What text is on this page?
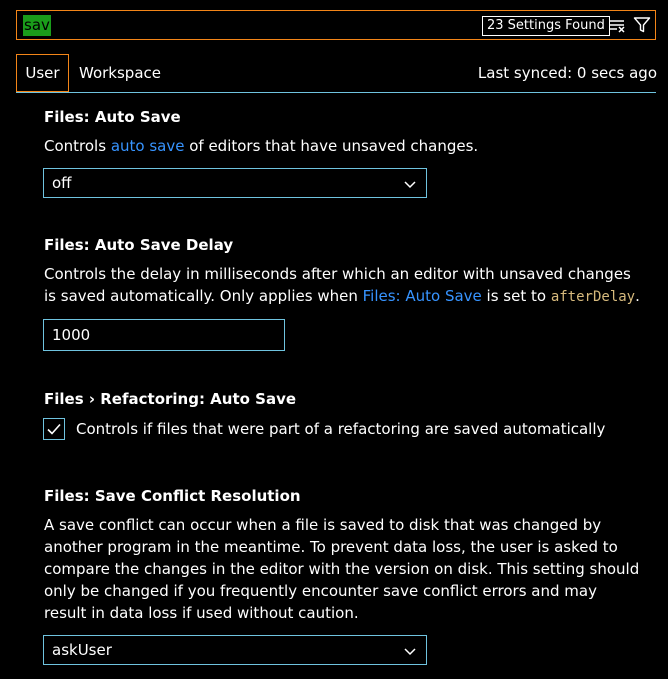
sav	23 Settings Found
User	Workspace	Last synced: 0 secs ago
Files: Auto Save
Controls auto save of editors that have unsaved changes.
off
Files: Auto Save Delay
Controls the delay in milliseconds after which an editor with unsaved changes is saved automatically. Only applies when Files: Auto Save is set to afterDelay.
1000
Files › Refactoring: Auto Save
Controls if files that were part of a refactoring are saved automatically
Files: Save Conflict Resolution
A save conflict can occur when a file is saved to disk that was changed by another program in the meantime. To prevent data loss, the user is asked to compare the changes in the editor with the version on disk. This setting should only be changed if you frequently encounter save conflict errors and may result in data loss if used without caution.
askUser
